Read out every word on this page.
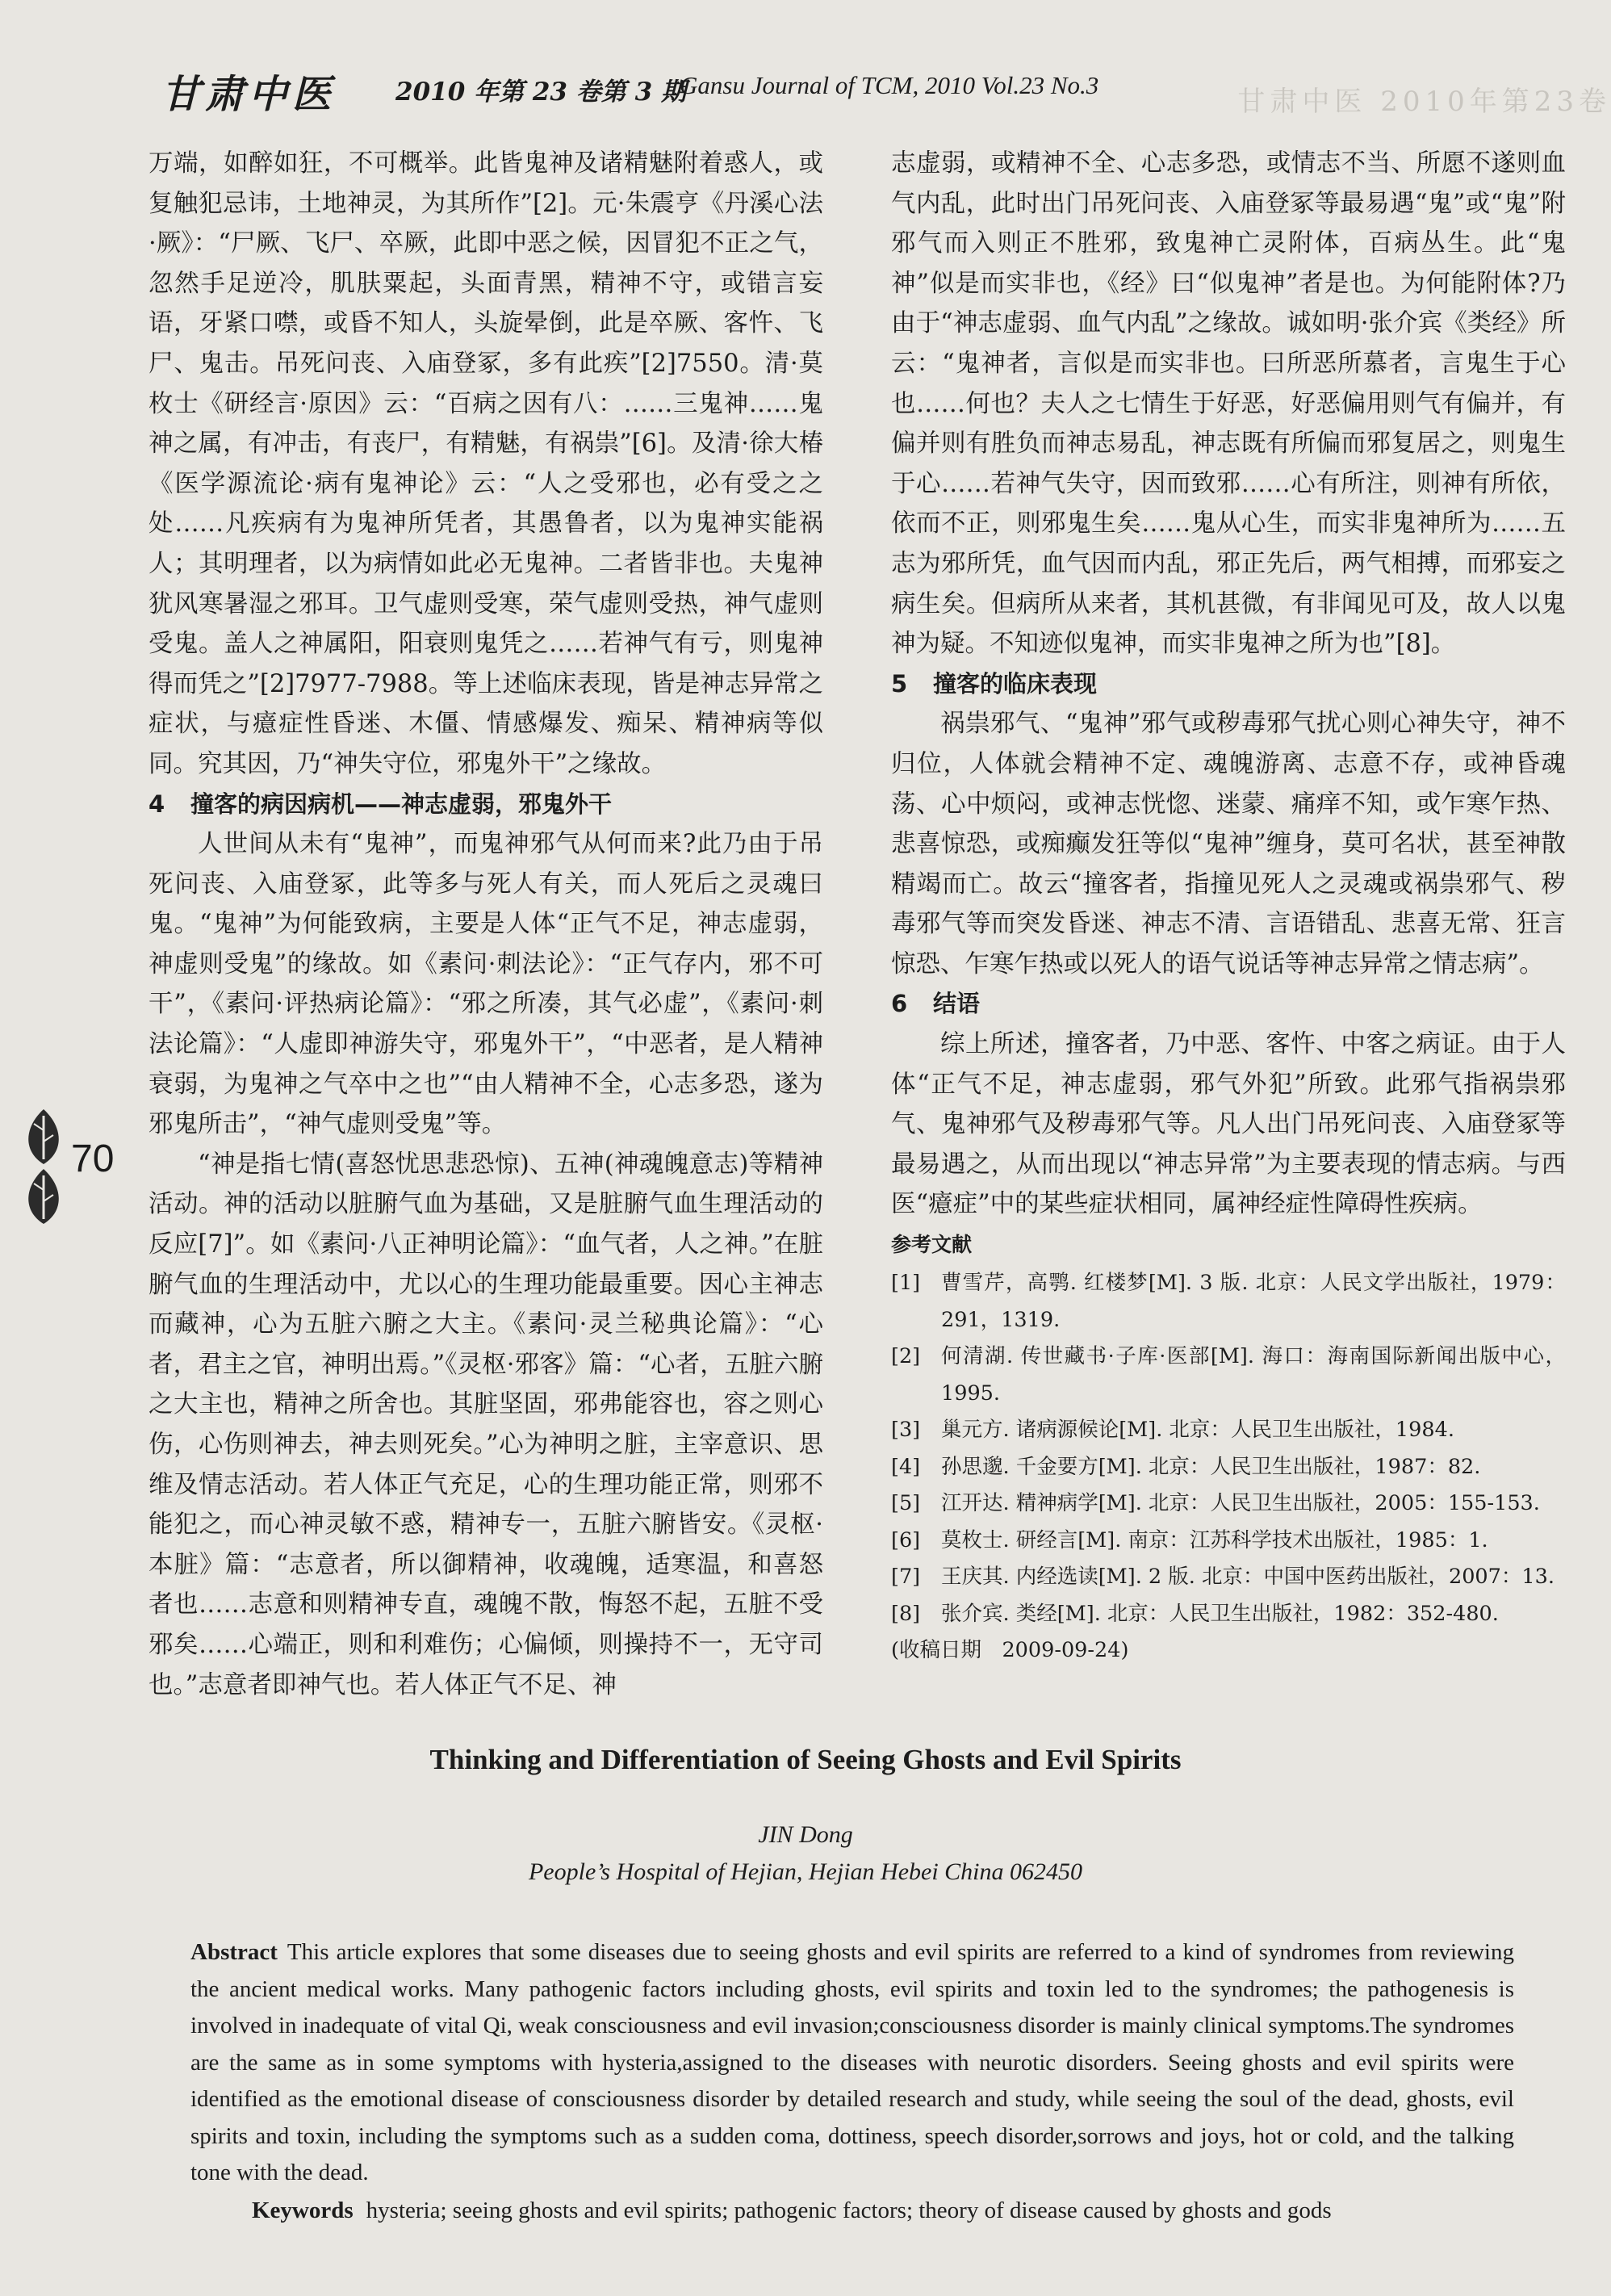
甘肃中医 2010 年第 23 卷第 3 期
Gansu Journal of TCM, 2010 Vol.23 No.3
甘肃中医 2010年第23卷

万端，如醉如狂，不可概举。此皆鬼神及诸精魅附着惑人，或复触犯忌讳，土地神灵，为其所作”[2]。元·朱震亨《丹溪心法·厥》：“尸厥、飞尸、卒厥，此即中恶之候，因冒犯不正之气，忽然手足逆冷，肌肤粟起，头面青黑，精神不守，或错言妄语，牙紧口噤，或昏不知人，头旋晕倒，此是卒厥、客忤、飞尸、鬼击。吊死问丧、入庙登冢，多有此疾”[2]7550。清·莫枚士《研经言·原因》云：“百病之因有八：……三鬼神……鬼神之属，有冲击，有丧尸，有精魅，有祸祟”[6]。及清·徐大椿《医学源流论·病有鬼神论》云：“人之受邪也，必有受之之处……凡疾病有为鬼神所凭者，其愚鲁者，以为鬼神实能祸人；其明理者，以为病情如此必无鬼神。二者皆非也。夫鬼神犹风寒暑湿之邪耳。卫气虚则受寒，荣气虚则受热，神气虚则受鬼。盖人之神属阳，阳衰则鬼凭之……若神气有亏，则鬼神得而凭之”[2]7977-7988。等上述临床表现，皆是神志异常之症状，与癔症性昏迷、木僵、情感爆发、痴呆、精神病等似同。究其因，乃“神失守位，邪鬼外干”之缘故。

4 撞客的病因病机——神志虚弱，邪鬼外干

人世间从未有“鬼神”，而鬼神邪气从何而来?此乃由于吊死问丧、入庙登冢，此等多与死人有关，而人死后之灵魂曰鬼。“鬼神”为何能致病，主要是人体“正气不足，神志虚弱，神虚则受鬼”的缘故。如《素问·刺法论》：“正气存内，邪不可干”，《素问·评热病论篇》：“邪之所凑，其气必虚”，《素问·刺法论篇》：“人虚即神游失守，邪鬼外干”，“中恶者，是人精神衰弱，为鬼神之气卒中之也”“由人精神不全，心志多恐，遂为邪鬼所击”，“神气虚则受鬼”等。

“神是指七情(喜怒忧思悲恐惊)、五神(神魂魄意志)等精神活动。神的活动以脏腑气血为基础，又是脏腑气血生理活动的反应[7]”。如《素问·八正神明论篇》：“血气者，人之神。”在脏腑气血的生理活动中，尤以心的生理功能最重要。因心主神志而藏神，心为五脏六腑之大主。《素问·灵兰秘典论篇》：“心者，君主之官，神明出焉。”《灵枢·邪客》篇：“心者，五脏六腑之大主也，精神之所舍也。其脏坚固，邪弗能容也，容之则心伤，心伤则神去，神去则死矣。”心为神明之脏，主宰意识、思维及情志活动。若人体正气充足，心的生理功能正常，则邪不能犯之，而心神灵敏不惑，精神专一，五脏六腑皆安。《灵枢·本脏》篇：“志意者，所以御精神，收魂魄，适寒温，和喜怒者也……志意和则精神专直，魂魄不散，悔怒不起，五脏不受邪矣……心端正，则和利难伤；心偏倾，则操持不一，无守司也。”志意者即神气也。若人体正气不足、神

志虚弱，或精神不全、心志多恐，或情志不当、所愿不遂则血气内乱，此时出门吊死问丧、入庙登冢等最易遇“鬼”或“鬼”附邪气而入则正不胜邪，致鬼神亡灵附体，百病丛生。此“鬼神”似是而实非也，《经》曰“似鬼神”者是也。为何能附体?乃由于“神志虚弱、血气内乱”之缘故。诚如明·张介宾《类经》所云：“鬼神者，言似是而实非也。曰所恶所慕者，言鬼生于心也……何也？夫人之七情生于好恶，好恶偏用则气有偏并，有偏并则有胜负而神志易乱，神志既有所偏而邪复居之，则鬼生于心……若神气失守，因而致邪……心有所注，则神有所依，依而不正，则邪鬼生矣……鬼从心生，而实非鬼神所为……五志为邪所凭，血气因而内乱，邪正先后，两气相搏，而邪妄之病生矣。但病所从来者，其机甚微，有非闻见可及，故人以鬼神为疑。不知迹似鬼神，而实非鬼神之所为也”[8]。

5 撞客的临床表现

祸祟邪气、“鬼神”邪气或秽毒邪气扰心则心神失守，神不归位，人体就会精神不定、魂魄游离、志意不存，或神昏魂荡、心中烦闷，或神志恍惚、迷蒙、痛痒不知，或乍寒乍热、悲喜惊恐，或痴癫发狂等似“鬼神”缠身，莫可名状，甚至神散精竭而亡。故云“撞客者，指撞见死人之灵魂或祸祟邪气、秽毒邪气等而突发昏迷、神志不清、言语错乱、悲喜无常、狂言惊恐、乍寒乍热或以死人的语气说话等神志异常之情志病”。

6 结语

综上所述，撞客者，乃中恶、客忤、中客之病证。由于人体“正气不足，神志虚弱，邪气外犯”所致。此邪气指祸祟邪气、鬼神邪气及秽毒邪气等。凡人出门吊死问丧、入庙登冢等最易遇之，从而出现以“神志异常”为主要表现的情志病。与西医“癔症”中的某些症状相同，属神经症性障碍性疾病。

参考文献

[1]	曹雪芹，高鹗. 红楼梦[M]. 3 版. 北京：人民文学出版社，1979：291，1319.
[2]	何清湖. 传世藏书·子库·医部[M]. 海口：海南国际新闻出版中心，1995.
[3]	巢元方. 诸病源候论[M]. 北京：人民卫生出版社，1984.
[4]	孙思邈. 千金要方[M]. 北京：人民卫生出版社，1987：82.
[5]	江开达. 精神病学[M]. 北京：人民卫生出版社，2005：155-153.
[6]	莫枚士. 研经言[M]. 南京：江苏科学技术出版社，1985：1.
[7]	王庆其. 内经选读[M]. 2 版. 北京：中国中医药出版社，2007：13.
[8]	张介宾. 类经[M]. 北京：人民卫生出版社，1982：352-480.

(收稿日期　2009-09-24)

70
Thinking and Differentiation of Seeing Ghosts and Evil Spirits
JIN Dong
People’s Hospital of Hejian, Hejian Hebei China 062450
Abstract This article explores that some diseases due to seeing ghosts and evil spirits are referred to a kind of syndromes from reviewing the ancient medical works. Many pathogenic factors including ghosts, evil spirits and toxin led to the syndromes; the pathogenesis is involved in inadequate of vital Qi, weak consciousness and evil invasion;consciousness disorder is mainly clinical symptoms.The syndromes are the same as in some symptoms with hysteria,assigned to the diseases with neurotic disorders. Seeing ghosts and evil spirits were identified as the emotional disease of consciousness disorder by detailed research and study, while seeing the soul of the dead, ghosts, evil spirits and toxin, including the symptoms such as a sudden coma, dottiness, speech disorder,sorrows and joys, hot or cold, and the talking tone with the dead.
Keywords hysteria; seeing ghosts and evil spirits; pathogenic factors; theory of disease caused by ghosts and gods
